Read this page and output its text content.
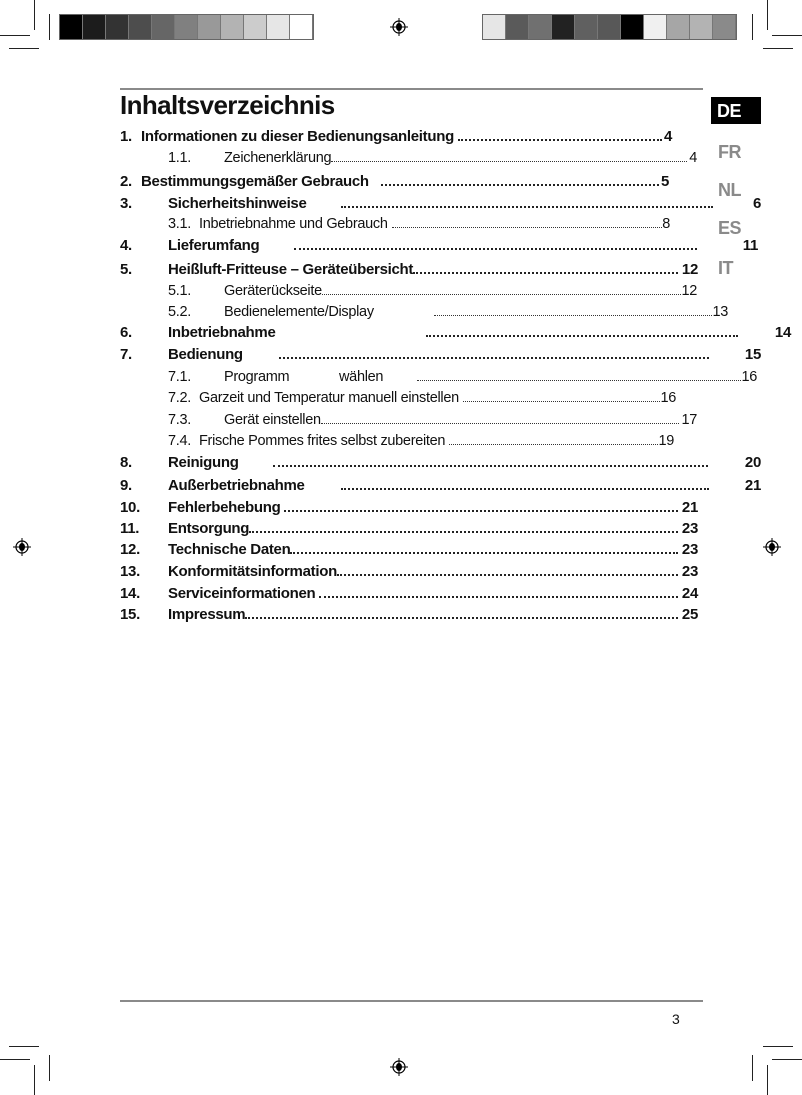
Inhaltsverzeichnis	DE
FR
NL
ES
IT
1. Informationen zu dieser Bedienungsanleitung	4
1.1. Zeichenerklärung	4
2. Bestimmungsgemäßer Gebrauch	5
3. Sicherheitshinweise	6
3.1. Inbetriebnahme und Gebrauch	8
4. Lieferumfang	11
5. Heißluft-Fritteuse – Geräteübersicht	12
5.1. Geräterückseite	12
5.2. Bedienelemente/Display	13
6. Inbetriebnahme	14
7. Bedienung	15
7.1. Programm wählen	16
7.2. Garzeit und Temperatur manuell einstellen	16
7.3. Gerät einstellen	17
7.4. Frische Pommes frites selbst zubereiten	19
8. Reinigung	20
9. Außerbetriebnahme	21
10. Fehlerbehebung	21
11. Entsorgung	23
12. Technische Daten	23
13. Konformitätsinformation	23
14. Serviceinformationen	24
15. Impressum	25
3
